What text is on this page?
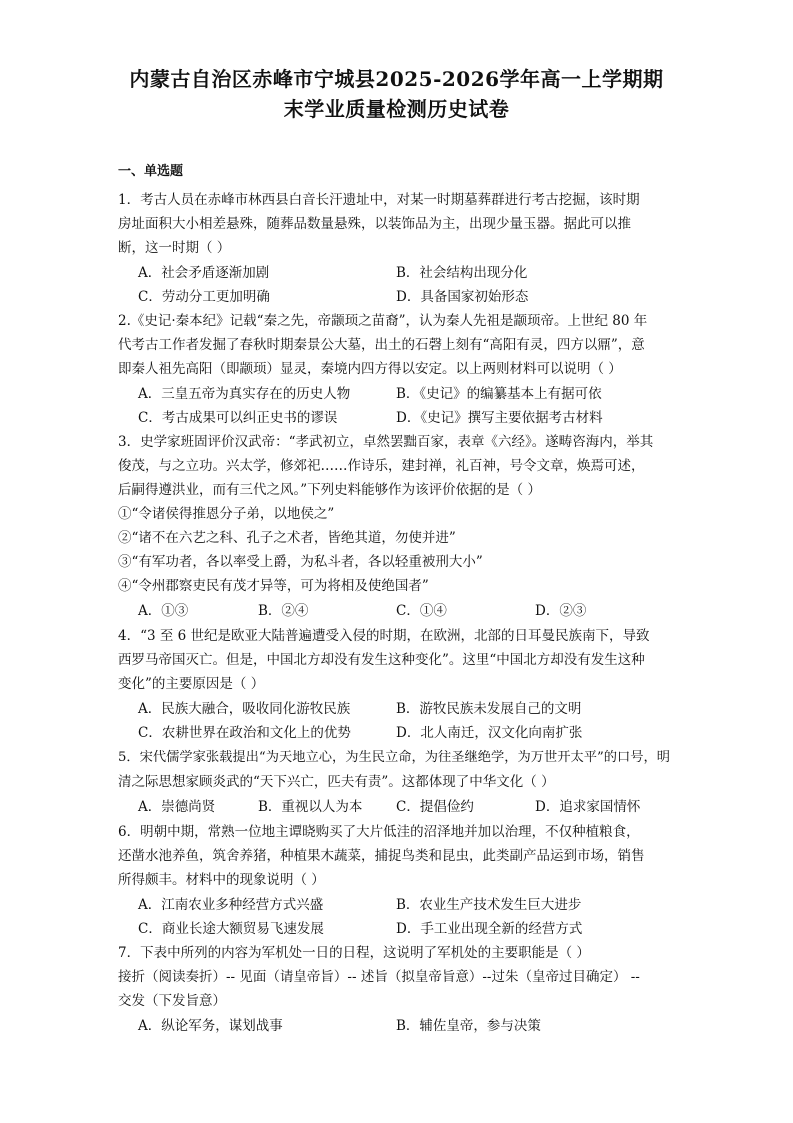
内蒙古自治区赤峰市宁城县2025-2026学年高一上学期期
末学业质量检测历史试卷
一、单选题
1．考古人员在赤峰市林西县白音长汗遗址中，对某一时期墓葬群进行考古挖掘，该时期
房址面积大小相差悬殊，随葬品数量悬殊，以装饰品为主，出现少量玉器。据此可以推
断，这一时期（ ）
A．社会矛盾逐渐加剧	B．社会结构出现分化
C．劳动分工更加明确	D．具备国家初始形态
2.《史记·秦本纪》记载“秦之先，帝颛顼之苗裔”，认为秦人先祖是颛顼帝。上世纪 80 年
代考古工作者发掘了春秋时期秦景公大墓，出土的石磬上刻有“高阳有灵，四方以鼏”，意
即秦人祖先高阳（即颛顼）显灵，秦境内四方得以安定。以上两则材料可以说明（ ）
A．三皇五帝为真实存在的历史人物	B．《史记》的编纂基本上有据可依
C．考古成果可以纠正史书的谬误	D．《史记》撰写主要依据考古材料
3．史学家班固评价汉武帝：“孝武初立，卓然罢黜百家，表章《六经》。遂畴咨海内，举其
俊茂，与之立功。兴太学，修郊祀……作诗乐，建封禅，礼百神，号令文章，焕焉可述，
后嗣得遵洪业，而有三代之风。”下列史料能够作为该评价依据的是（ ）
①“令诸侯得推恩分子弟，以地侯之”
②“诸不在六艺之科、孔子之术者，皆绝其道，勿使并进”
③“有军功者，各以率受上爵，为私斗者，各以轻重被刑大小”
④“令州郡察吏民有茂才异等，可为将相及使绝国者”
A．①③	B．②④	C．①④	D．②③
4．“3 至 6 世纪是欧亚大陆普遍遭受入侵的时期，在欧洲，北部的日耳曼民族南下，导致
西罗马帝国灭亡。但是，中国北方却没有发生这种变化”。这里“中国北方却没有发生这种
变化”的主要原因是（ ）
A．民族大融合，吸收同化游牧民族	B．游牧民族未发展自己的文明
C．农耕世界在政治和文化上的优势	D．北人南迁，汉文化向南扩张
5．宋代儒学家张载提出“为天地立心，为生民立命，为往圣继绝学，为万世开太平”的口号，明
清之际思想家顾炎武的“天下兴亡，匹夫有责”。这都体现了中华文化（ ）
A．崇德尚贤	B．重视以人为本 C．提倡俭约	D．追求家国情怀
6．明朝中期，常熟一位地主谭晓购买了大片低洼的沼泽地并加以治理，不仅种植粮食，
还凿水池养鱼，筑舍养猪，种植果木蔬菜，捕捉鸟类和昆虫，此类副产品运到市场，销售
所得颇丰。材料中的现象说明（ ）
A．江南农业多种经营方式兴盛	B．农业生产技术发生巨大进步
C．商业长途大额贸易飞速发展	D．手工业出现全新的经营方式
7．下表中所列的内容为军机处一日的日程，这说明了军机处的主要职能是（ ）
接折（阅读奏折）-- 见面（请皇帝旨）-- 述旨（拟皇帝旨意）--过朱（皇帝过目确定） --
交发（下发旨意）
A．纵论军务，谋划战事	B．辅佐皇帝，参与决策
